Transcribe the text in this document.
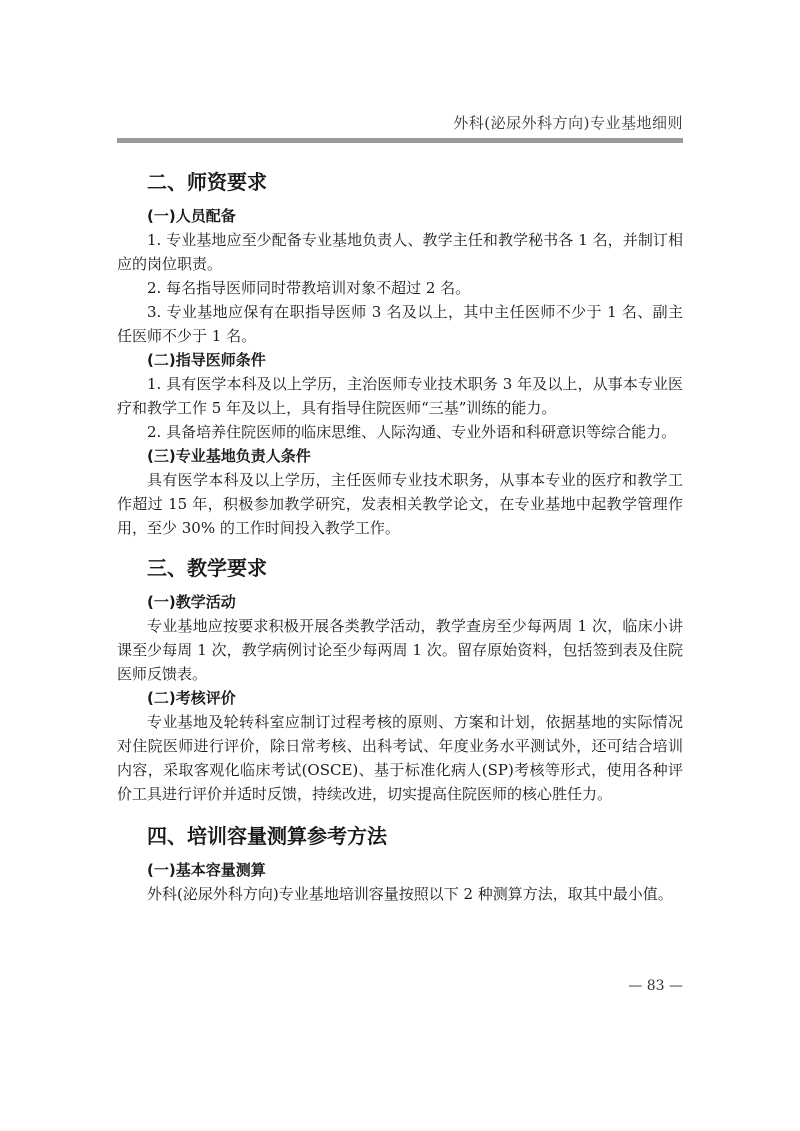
外科(泌尿外科方向)专业基地细则
二、师资要求
(一)人员配备

1. 专业基地应至少配备专业基地负责人、教学主任和教学秘书各 1 名，并制订相应的岗位职责。

2. 每名指导医师同时带教培训对象不超过 2 名。

3. 专业基地应保有在职指导医师 3 名及以上，其中主任医师不少于 1 名、副主任医师不少于 1 名。

(二)指导医师条件

1. 具有医学本科及以上学历，主治医师专业技术职务 3 年及以上，从事本专业医疗和教学工作 5 年及以上，具有指导住院医师“三基”训练的能力。

2. 具备培养住院医师的临床思维、人际沟通、专业外语和科研意识等综合能力。

(三)专业基地负责人条件

具有医学本科及以上学历，主任医师专业技术职务，从事本专业的医疗和教学工作超过 15 年，积极参加教学研究，发表相关教学论文，在专业基地中起教学管理作用，至少 30% 的工作时间投入教学工作。

三、教学要求
(一)教学活动

专业基地应按要求积极开展各类教学活动，教学查房至少每两周 1 次，临床小讲课至少每周 1 次，教学病例讨论至少每两周 1 次。留存原始资料，包括签到表及住院医师反馈表。

(二)考核评价

专业基地及轮转科室应制订过程考核的原则、方案和计划，依据基地的实际情况对住院医师进行评价，除日常考核、出科考试、年度业务水平测试外，还可结合培训内容，采取客观化临床考试(OSCE)、基于标准化病人(SP)考核等形式，使用各种评价工具进行评价并适时反馈，持续改进，切实提高住院医师的核心胜任力。

四、培训容量测算参考方法
(一)基本容量测算

外科(泌尿外科方向)专业基地培训容量按照以下 2 种测算方法，取其中最小值。

— 83 —
